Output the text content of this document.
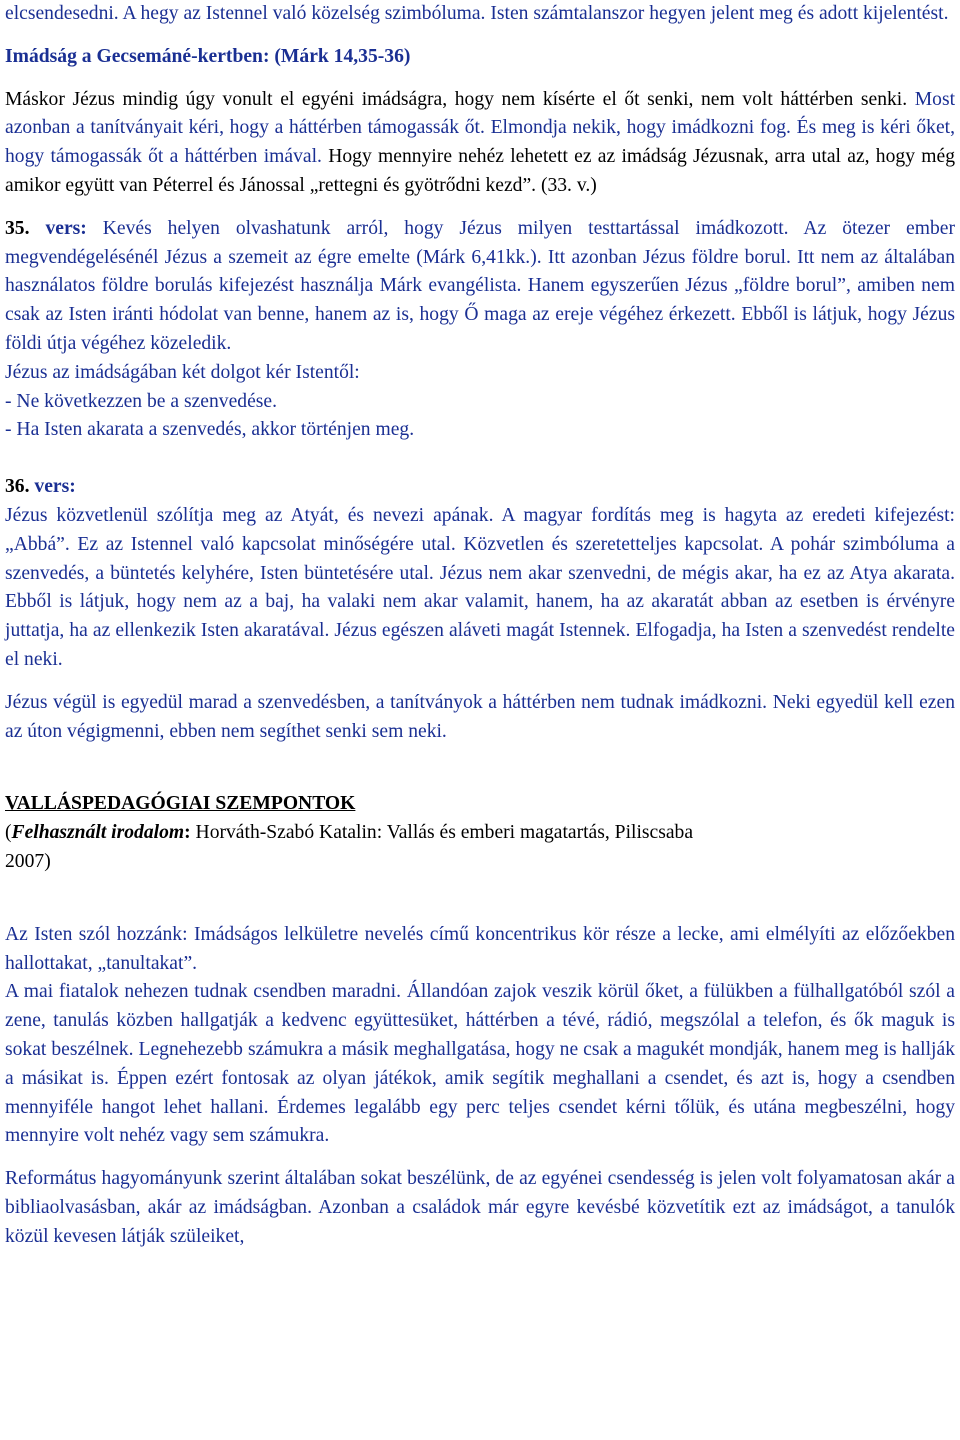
elcsendesedni. A hegy az Istennel való közelség szimbóluma. Isten számtalanszor hegyen jelent meg és adott kijelentést.

Imádság a Gecsemáné-kertben: (Márk 14,35-36)

Máskor Jézus mindig úgy vonult el egyéni imádságra, hogy nem kísérte el őt senki, nem volt háttérben senki. Most azonban a tanítványait kéri, hogy a háttérben támogassák őt. Elmondja nekik, hogy imádkozni fog. És meg is kéri őket, hogy támogassák őt a háttérben imával. Hogy mennyire nehéz lehetett ez az imádság Jézusnak, arra utal az, hogy még amikor együtt van Péterrel és Jánossal „rettegni és gyötrődni kezd”. (33. v.)

35. vers: Kevés helyen olvashatunk arról, hogy Jézus milyen testtartással imádkozott. Az ötezer ember megvendégelésénél Jézus a szemeit az égre emelte (Márk 6,41kk.). Itt azonban Jézus földre borul. Itt nem az általában használatos földre borulás kifejezést használja Márk evangélista. Hanem egyszerűen Jézus „földre borul”, amiben nem csak az Isten iránti hódolat van benne, hanem az is, hogy Ő maga az ereje végéhez érkezett. Ebből is látjuk, hogy Jézus földi útja végéhez közeledik.
Jézus az imádságában két dolgot kér Istentől:
- Ne következzen be a szenvedése.
- Ha Isten akarata a szenvedés, akkor történjen meg.

36. vers:
Jézus közvetlenül szólítja meg az Atyát, és nevezi apának. A magyar fordítás meg is hagyta az eredeti kifejezést: „Abbá”. Ez az Istennel való kapcsolat minőségére utal. Közvetlen és szeretetteljes kapcsolat. A pohár szimbóluma a szenvedés, a büntetés kelyhére, Isten büntetésére utal. Jézus nem akar szenvedni, de mégis akar, ha ez az Atya akarata. Ebből is látjuk, hogy nem az a baj, ha valaki nem akar valamit, hanem, ha az akaratát abban az esetben is érvényre juttatja, ha az ellenkezik Isten akaratával. Jézus egészen aláveti magát Istennek. Elfogadja, ha Isten a szenvedést rendelte el neki.

Jézus végül is egyedül marad a szenvedésben, a tanítványok a háttérben nem tudnak imádkozni. Neki egyedül kell ezen az úton végigmenni, ebben nem segíthet senki sem neki.

VALLÁSPEDAGÓGIAI SZEMPONTOK

(Felhasznált irodalom: Horváth-Szabó Katalin: Vallás és emberi magatartás, Piliscsaba
2007)

Az Isten szól hozzánk: Imádságos lelkületre nevelés című koncentrikus kör része a lecke, ami elmélyíti az előzőekben hallottakat, „tanultakat”.
A mai fiatalok nehezen tudnak csendben maradni. Állandóan zajok veszik körül őket, a fülükben a fülhallgatóból szól a zene, tanulás közben hallgatják a kedvenc együttesüket, háttérben a tévé, rádió, megszólal a telefon, és ők maguk is sokat beszélnek. Legnehezebb számukra a másik meghallgatása, hogy ne csak a magukét mondják, hanem meg is hallják a másikat is. Éppen ezért fontosak az olyan játékok, amik segítik meghallani a csendet, és azt is, hogy a csendben mennyiféle hangot lehet hallani. Érdemes legalább egy perc teljes csendet kérni tőlük, és utána megbeszélni, hogy mennyire volt nehéz vagy sem számukra.

Református hagyományunk szerint általában sokat beszélünk, de az egyénei csendesség is jelen volt folyamatosan akár a bibliaolvasásban, akár az imádságban. Azonban a családok már egyre kevésbé közvetítik ezt az imádságot, a tanulók közül kevesen látják szüleiket,
